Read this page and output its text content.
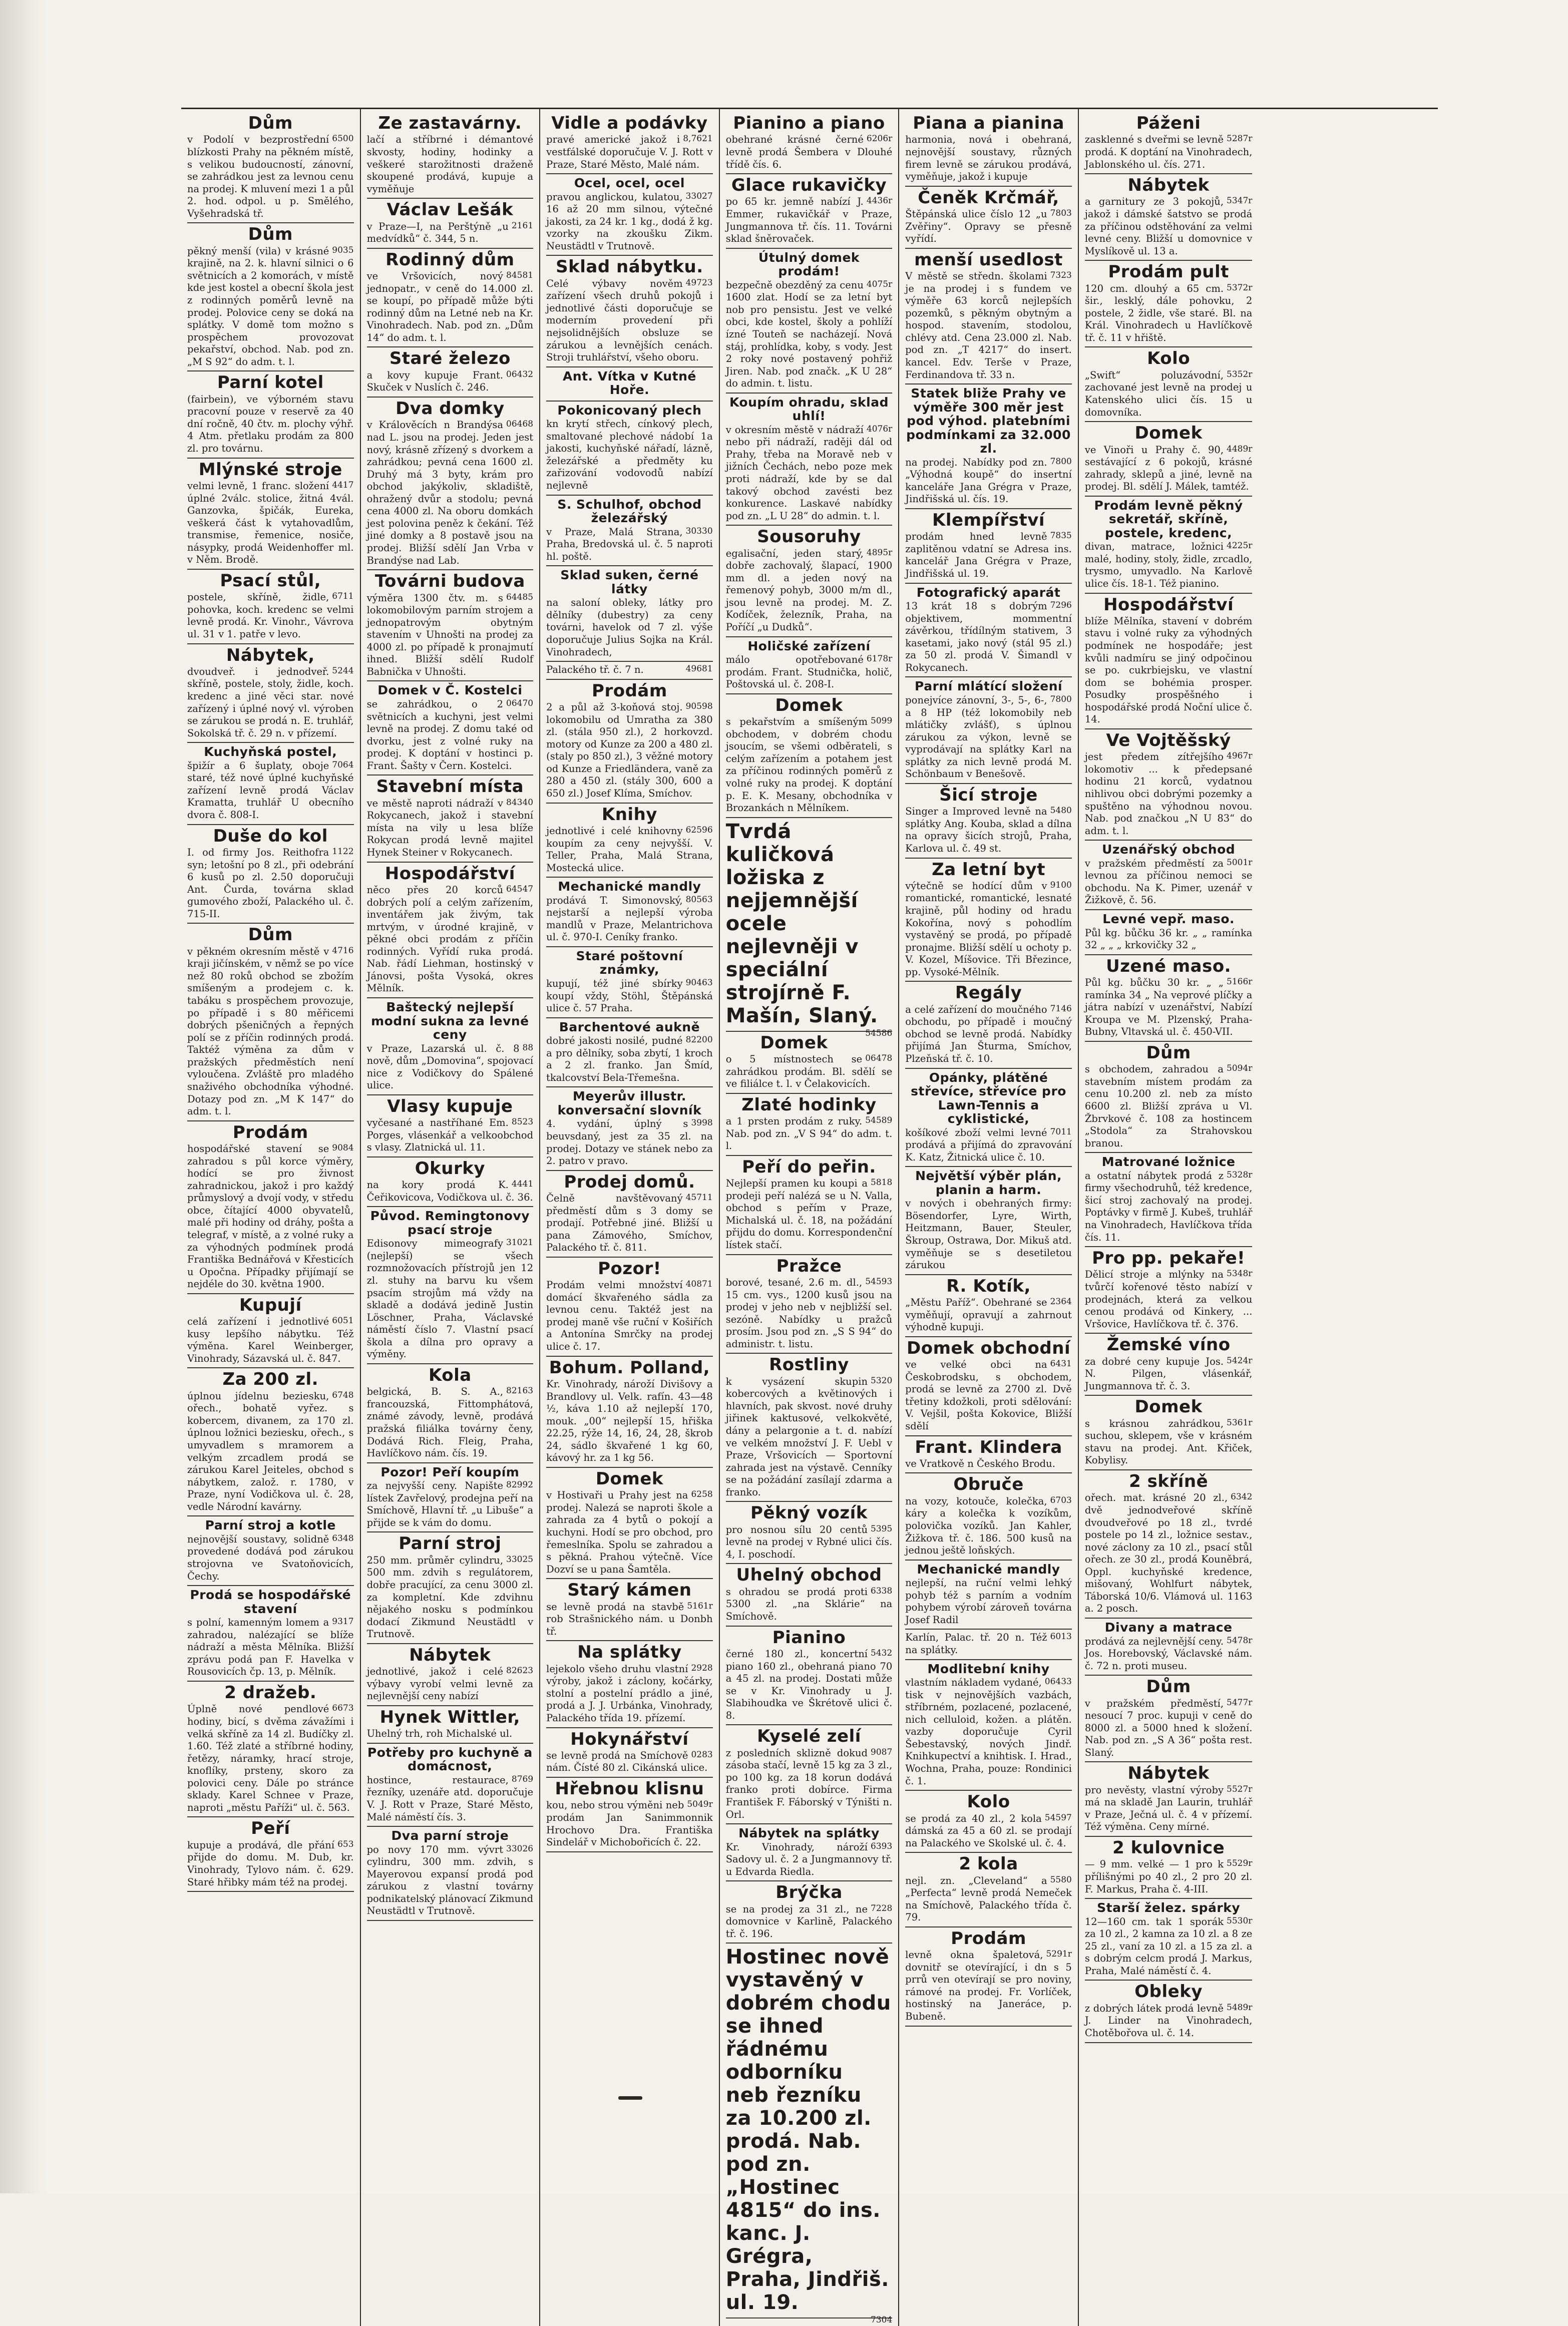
Dům

6500
v Podolí v bezprostřední blízkosti Prahy na pěkném místě, s velikou budoucností, zánovní, se zahrádkou jest za levnou cenu na prodej. K mluvení mezi 1 a půl 2. hod. odpol. u p. Smělého, Vyšehradská tř.

Dům

9035
pěkný menší (vila) v krásné krajině, na 2. k. hlavní silnici o 6 světnicích a 2 komorách, v místě kde jest kostel a obecní škola jest z rodinných poměrů levně na prodej. Polovice ceny se doká na splátky. V domě tom možno s prospěchem provozovat pekařství, obchod. Nab. pod zn. „M S 92“ do adm. t. l.

Parní kotel

(fairbein), ve výborném stavu pracovní pouze v reservě za 40 dní ročně, 40 čtv. m. plochy výhř. 4 Atm. přetlaku prodám za 800 zl. pro továrnu.

Mlýnské stroje

4417
velmi levně, 1 franc. složení úplné 2válc. stolice, žitná 4vál. Ganzovka, špičák, Eureka, veškerá část k vytahovadlům, transmise, řemenice, nosiče, násypky, prodá Weidenhoffer ml. v Něm. Brodě.

Psací stůl,

6711
postele, skříně, židle, pohovka, koch. kredenc se velmi levně prodá. Kr. Vinohr., Vávrova ul. 31 v 1. patře v levo.

Nábytek,

5244
dvoudveř. i jednodveř. skříně, postele, stoly, židle, koch. kredenc a jiné věci star. nové zařízený i úplné nový vl. výroben se zárukou se prodá n. E. truhlář, Sokolská tř. č. 29 n. v přízemí.

Kuchyňská postel,

7064
špižír a 6 šuplaty, oboje staré, též nové úplné kuchyňské zařízení levně prodá Václav Kramatta, truhlář U obecního dvora č. 808-I.

Duše do kol

1122
I. od firmy Jos. Reithofra syn; letošní po 8 zl., při odebrání 6 kusů po zl. 2.50 doporučuji Ant. Čurda, továrna sklad gumového zboží, Palackého ul. č. 715-II.

Dům

4716
v pěkném okresním městě v kraji jičínském, v němž se po více než 80 roků obchod se zbožím smíšeným a prodejem c. k. tabáku s prospěchem provozuje, po případě i s 80 měřicemi dobrých pšeničných a řepných polí se z příčin rodinných prodá. Taktéž výměna za dům v pražských předměstích není vyloučena. Zvláště pro mladého snaživého obchodníka výhodné. Dotazy pod zn. „M K 147“ do adm. t. l.

Prodám

9084
hospodářské stavení se zahradou s půl korce výměry, hodící se pro živnost zahradnickou, jakož i pro každý průmyslový a dvojí vody, v středu obce, čítající 4000 obyvatelů, malé při hodiny od dráhy, pošta a telegraf, v místě, a z volné ruky a za výhodných podmínek prodá Františka Bednářová v Křesticích u Opočna. Případky přijímají se nejdéle do 30. května 1900.

Kupují

6051
celá zařízení i jednotlivé kusy lepšího nábytku. Též výměna. Karel Weinberger, Vinohrady, Sázavská ul. č. 847.

Za 200 zl.

6748
úplnou jídelnu beziesku, ořech., bohatě vyřez. s kobercem, divanem, za 170 zl. úplnou ložnici beziesku, ořech., s umyvadlem s mramorem a velkým zrcadlem prodá se zárukou Karel Jeiteles, obchod s nábytkem, založ. r. 1780, v Praze, nyní Vodičkova ul. č. 28, vedle Národní kavárny.

Parní stroj a kotle

6348
nejnovější soustavy, solidně provedené dodává pod zárukou strojovna ve Svatoňovicích, Čechy.

Prodá se hospodářské stavení

9317
s polní, kamenným lomem a zahradou, nalézající se blíže nádraží a města Mělníka. Bližší zprávu podá pan F. Havelka v Rousovicích čp. 13, p. Mělník.

2 dražeb.

6673
Úplně nové pendlové hodiny, bicí, s dvěma závažími i velká skříně za 14 zl. Budíčky zl. 1.60. Též zlaté a stříbrné hodiny, řetězy, náramky, hrací stroje, knoflíky, prsteny, skoro za polovici ceny. Dále po stránce sklady. Karel Schnee v Praze, naproti „městu Paříži“ ul. č. 563.

Peří

653
kupuje a prodává, dle přání přijde do domu. M. Dub, kr. Vinohrady, Tylovo nám. č. 629. Staré hřibky mám též na prodej.

Ze zastavárny.

lačí a stříbrné i démantové skvosty, hodiny, hodinky a veškeré starožitnosti draženě skoupené prodává, kupuje a vyměňuje

Václav Lešák

2161
v Praze—I, na Perštýně „u medvídků“ č. 344, 5 n.

Rodinný dům

84581
ve Vršovicích, nový jednopatr., v ceně do 14.000 zl. se koupí, po případě může býti rodinný dům na Letné neb na Kr. Vinohradech. Nab. pod zn. „Dům 14“ do adm. t. l.

Staré železo

06432
a kovy kupuje Frant. Skuček v Nuslích č. 246.

Dva domky

06468
v Králověcích n Brandýsa nad L. jsou na prodej. Jeden jest nový, krásně zřízený s dvorkem a zahrádkou; pevná cena 1600 zl. Druhý má 3 byty, krám pro obchod jakýkoliv, skladiště, ohražený dvůr a stodolu; pevná cena 4000 zl. Na oboru domkách jest polovina peněz k čekání. Též jiné domky a 8 postavě jsou na prodej. Bližší sdělí Jan Vrba v Brandýse nad Lab.

Továrni budova

64485
výměra 1300 čtv. m. s lokomobilovým parním strojem a jednopatrovým obytným stavením v Uhnošti na prodej za 4000 zl. po případě k pronajmutí ihned. Bližší sdělí Rudolf Babnička v Uhnošti.

Domek v Č. Kostelci

06470
se zahrádkou, o 2 světnicích a kuchyni, jest velmi levně na prodej. Z domu také od dvorku, jest z volné ruky na prodej. K doptání v hostinci p. Frant. Šašty v Čern. Kostelci.

Stavební místa

84340
ve městě naproti nádraží v Rokycanech, jakož i stavební místa na vily u lesa blíže Rokycan prodá levně majitel Hynek Steiner v Rokycanech.

Hospodářství

64547
něco přes 20 korců dobrých polí a celým zařízením, inventářem jak živým, tak mrtvým, v úrodné krajině, v pěkné obci prodám z příčin rodinných. Vyřídí ruka prodá. Nab. řádí Liehman, hostinský v Jánovsi, pošta Vysoká, okres Mělník.

Baštecký nejlepší modní sukna za levné ceny

88
v Praze, Lazarská ul. č. 8 nově, dům „Domovina“, spojovací nice z Vodičkovy do Spálené ulice.

Vlasy kupuje

8523
vyčesané a nastříhané Em. Porges, vlásenkář a velkoobchod s vlasy. Zlatnická ul. 11.

Okurky

4441
na kory prodá K. Čeřikovicova, Vodičkova ul. č. 36.

Původ. Remingtonovy psací stroje

31021
Edisonovy mimeografy (nejlepší) se všech rozmnožovacích přístrojů jen 12 zl. stuhy na barvu ku všem psacím strojům má vždy na skladě a dodává jedině Justin Löschner, Praha, Václavské náměstí číslo 7. Vlastní psací škola a dílna pro opravy a výměny.

Kola

82163
belgická, B. S. A., francouzská, Fittomphátová, známé závody, levně, prodává pražská filiálka továrny čeny, Dodává Rich. Fleig, Praha, Havlíčkovo nám. čís. 19.

Pozor! Peří koupím

82992
za nejvyšší ceny. Napište lístek Zavřelový, prodejna peří na Smíchově, Hlavní tř. „u Libuše“ a přijde se k vám do domu.

Parní stroj

33025
250 mm. průměr cylindru, 500 mm. zdvih s regulátorem, dobře pracující, za cenu 3000 zl. za kompletní. Kde zdvihnu nějakého nosku s podmínkou dodací Zikmund Neustädtl v Trutnově.

Nábytek

82623
jednotlivé, jakož i celé výbavy vyrobí velmi levně za nejlevnější ceny nabízí

Hynek Wittler,

Uhelný trh, roh Michalské ul.

Potřeby pro kuchyně a domácnost,

8769
hostince, restaurace, řezníky, uzenáře atd. doporučuje V. J. Rott v Praze, Staré Město, Malé náměstí čís. 3.

Dva parní stroje

33026
po novy 170 mm. vývrt cylindru, 300 mm. zdvih, s Mayerovou expansí prodá pod zárukou z vlastní továrny podnikatelský plánovací Zikmund Neustädtl v Trutnově.

Vidle a podávky

8,7621
pravé americké jakož i vestfálské doporučuje V. J. Rott v Praze, Staré Město, Malé nám.

Ocel, ocel, ocel

33027
pravou anglickou, kulatou, 16 až 20 mm silnou, výtečné jakosti, za 24 kr. 1 kg., dodá ž kg. vzorky na zkoušku Zikm. Neustädtl v Trutnově.

Sklad nábytku.

49723
Celé výbavy nověm zařízení všech druhů pokojů i jednotlivé části doporučuje se moderním provedení při nejsolidnějších obsluze se zárukou a levnějších cenách. Stroji truhlářství, všeho oboru.

Ant. Vítka v Kutné Hoře.

Pokonicovaný plech

kn krytí střech, cínkový plech, smaltované plechové nádobí 1a jakosti, kuchyňské nářadí, lázně, železářské a předměty ku zařizování vodovodů nabízí nejlevně

S. Schulhof, obchod železářský

30330
v Praze, Malá Strana, Praha, Bredovská ul. č. 5 naproti hl. poště.

Sklad suken, černé látky

na saloní obleky, látky pro dělníky (dubestry) za ceny továrni, havelok od 7 zl. výše doporučuje Julius Sojka na Král. Vinohradech,

49681
Palackého tř. č. 7 n.

Prodám

90598
2 a půl až 3-koňová stoj. lokomobilu od Umratha za 380 zl. (stála 950 zl.), 2 horkovzd. motory od Kunze za 200 a 480 zl. (staly po 850 zl.), 3 věžné motory od Kunze a Friedländera, vaně za 280 a 450 zl. (stály 300, 600 a 650 zl.) Josef Klíma, Smíchov.

Knihy

62596
jednotlivé i celé knihovny koupím za ceny nejvyšší. V. Teller, Praha, Malá Strana, Mostecká ulice.

Mechanické mandly

80563
prodává T. Simonovský, nejstarší a nejlepší výroba mandlů v Praze, Melantrichova ul. č. 970-I. Ceníky franko.

Staré poštovní známky,

90463
kupují, též jiné sbírky koupí vždy, Stöhl, Štěpánská ulice č. 57 Praha.

Barchentové aukně

82200
dobré jakosti nosilé, pudné a pro dělníky, soba zbytí, 1 kroch a 2 zl. franko. Jan Šmíd, tkalcovství Bela-Třemešna.

Meyerův illustr. konversační slovník

3998
4. vydání, úplný s beuvsdaný, jest za 35 zl. na prodej. Dotazy ve stánek nebo za 2. patro v pravo.

Prodej domů.

45711
Čelně navštěvovaný předměstí dům s 3 domy se prodají. Potřebné jiné. Bližší u pana Zámového, Smíchov, Palackého tř. č. 811.

Pozor!

40871
Prodám velmi množství domácí škvařeného sádla za levnou cenu. Taktéž jest na prodej maně vše ruční v Košiřích a Antonína Smrčky na prodej ulice č. 17.

Bohum. Polland,

Kr. Vinohrady, nároží Divišovy a Brandlovy ul. Velk. rafín. 43—48 ½, káva 1.10 až nejlepší 170, mouk. „00“ nejlepší 15, hřiška 22.25, rýže 14, 16, 24, 28, škrob 24, sádlo škvařené 1 kg 60, kávový hr. za 1 kg 56.

Domek

6258
v Hostivaři u Prahy jest na prodej. Nalezá se naproti škole a zahrada za 4 bytů o pokojí a kuchyni. Hodí se pro obchod, pro řemeslníka. Spolu se zahradou a s pěkná. Prahou výtečně. Více Dozví se u pana Šamtěla.

Starý kámen

5161r
se levně prodá na stavbě rob Strašnického nám. u Donbh tř.

Na splátky

2928
lejekolo všeho druhu vlastní výroby, jakož i záclony, kočárky, stolní a postelní prádlo a jiné, prodá a J. J. Urbánka, Vinohrady, Palackého třída 19. přízemí.

Hokynářství

0283
se levně prodá na Smíchově nám. Čísté 80 zl. Cikánská ulice.

Hřebnou klisnu

5049r
kou, nebo strou výměni neb prodám Jan Sanimmonnik Hrochovo Dra. Františka Sindelář v Michobořicích č. 22.

Pianino a piano

6206r
obehrané krásné černé levně prodá Šembera v Dlouhé třídě čís. 6.

Glace rukavičky

4436r
po 65 kr. jemně nabízí J. Emmer, rukavičkář v Praze, Jungmannova tř. čís. 11. Továrni sklad šněrovaček.

Útulný domek prodám!

4075r
bezpečně obezděný za cenu 1600 zlat. Hodí se za letní byt nob pro pensistu. Jest ve velké obci, kde kostel, školy a pohlíží ízné Touteň se nacházejí. Nová stáj, prohlídka, koby, s vody. Jest 2 roky nové postavený pohřiž Jiren. Nab. pod značk. „K U 28“ do admin. t. listu.

Koupím ohradu, sklad uhlí!

4076r
v okresním městě v nádraží nebo při nádraží, raději dál od Prahy, třeba na Moravě neb v jižních Čechách, nebo poze mek proti nádraží, kde by se dal takový obchod zavésti bez konkurence. Laskavé nabídky pod zn. „L U 28“ do admin. t. l.

Sousoruhy

4895r
egalisační, jeden starý, dobře zachovalý, šlapací, 1900 mm dl. a jeden nový na řemenový pohyb, 3000 m/m dl., jsou levně na prodej. M. Z. Kodíček, železník, Praha, na Poříčí „u Dudků“.

Holičské zařízení

6178r
málo opotřebované prodám. Frant. Studnička, holič, Poštovská ul. č. 208-I.

Domek

5099
s pekařstvím a smíšeným obchodem, v dobrém chodu jsoucím, se všemi odběrateli, s celým zařízením a potahem jest za příčinou rodinných poměrů z volné ruky na prodej. K doptání p. E. K. Mesany, obchodníka v Brozankách n Mělníkem.

Tvrdá kuličková ložiska z nejjemnější ocele nejlevněji v speciální strojírně F. Mašín, Slaný.

54586

Domek

06478
o 5 místnostech se zahrádkou prodám. Bl. sdělí se ve filiálce t. l. v Čelakovicích.

Zlaté hodinky

54589
a 1 prsten prodám z ruky. Nab. pod zn. „V S 94“ do adm. t. l.

Peří do peřin.

5818
Nejlepší pramen ku koupi a prodeji peří nalézá se u N. Valla, obchod s peřím v Praze, Michalská ul. č. 18, na požádání přijdu do domu. Korrespondenční lístek stačí.

Pražce

54593
borové, tesané, 2.6 m. dl., 15 cm. vys., 1200 kusů jsou na prodej v jeho neb v nejbližší sel. sezóně. Nabídky u pražců prosím. Jsou pod zn. „S S 94“ do administr. t. listu.

Rostliny

5320
k vysázení skupin kobercových a květinových i hlavních, pak skvost. nové druhy jiřinek kaktusové, velkokvěté, dány a pelargonie a t. d. nabízí ve velkém množství J. F. Uebl v Praze, Vršovicích — Sportovní zahrada jest na výstavě. Cenníky se na požádání zasílají zdarma a franko.

Pěkný vozík

5395
pro nosnou sílu 20 centů levně na prodej v Rybné ulici čís. 4, I. poschodí.

Uhelný obchod

6338
s ohradou se prodá proti 5300 zl. „na Sklárie“ na Smíchově.

Pianino

5432
černé 180 zl., koncertní piano 160 zl., obehraná piano 70 a 45 zl. na prodej. Dostati může se v Kr. Vinohrady u J. Slabihoudka ve Škrétově ulici č. 8.

Kyselé zelí

9087
z posledních sklizně dokud zásoba stačí, levně 15 kg za 3 zl., po 100 kg. za 18 korun dodává franko proti dobírce. Firma František F. Fáborský v Týništi n. Orl.

Nábytek na splátky

6393
Kr. Vinohrady, nároží Sadovy ul. č. 2 a Jungmannovy tř. u Edvarda Riedla.

Brýčka

7228
se na prodej za 31 zl., ne domovnice v Karlině, Palackého tř. č. 196.

Hostinec nově vystavěný v dobrém chodu se ihned řádnému odborníku neb řezníku za 10.200 zl. prodá. Nab. pod zn. „Hostinec 4815“ do ins. kanc. J. Grégra, Praha, Jindřiš. ul. 19.

7304

Piana a pianina

harmonia, nová i obehraná, nejnovější soustavy, různých firem levně se zárukou prodává, vyměňuje, jakož i kupuje

Čeněk Krčmář,

7803
Štěpánská ulice číslo 12 „u Zvěřiny“. Opravy se přesně vyřídí.

menší usedlost

7323
V městě se středn. školami je na prodej i s fundem ve výměře 63 korců nejlepších pozemků, s pěkným obytným a hospod. stavením, stodolou, chlévy atd. Cena 23.000 zl. Nab. pod zn. „T 4217“ do insert. kancel. Edv. Terše v Praze, Ferdinandova tř. 33 n.

Statek bliže Prahy ve výměře 300 měr jest pod výhod. platebními podmínkami za 32.000 zl.

7800
na prodej. Nabídky pod zn. „Výhodná koupě“ do insertní kanceláře Jana Grégra v Praze, Jindřišská ul. čís. 19.

Klempířství

7835
prodám hned levně zaplitěnou vdatní se Adresa ins. kancelář Jana Grégra v Praze, Jindřišská ul. 19.

Fotografický aparát

7296
13 krát 18 s dobrým objektivem, mommentní závěrkou, třídílným stativem, 3 kasetami, jako nový (stál 95 zl.) za 50 zl. prodá V. Šimandl v Rokycanech.

Parní mlátící složení

7800
ponejvíce zánovní, 3-, 5-, 6-, a 8 HP (též lokomobily neb mlátičky zvlášť), s úplnou zárukou za výkon, levně se vyprodávají na splátky Karl na splátky za nich levně prodá M. Schönbaum v Benešově.

Šicí stroje

5480
Singer a Improved levně na splátky Ang. Kouba, sklad a dílna na opravy šicích strojů, Praha, Karlova ul. č. 49 st.

Za letní byt

9100
výtečně se hodící dům v romantické, romantické, lesnaté krajině, půl hodiny od hradu Kokořína, nový s pohodlím vystavěný se prodá, po případě pronajme. Bližší sdělí u ochoty p. V. Kozel, Míšovice. Tři Březince, pp. Vysoké-Mělník.

Regály

7146
a celé zařízení do moučného obchodu, po případě i moučný obchod se levně prodá. Nabídky přijímá Jan Šturma, Smíchov, Plzeňská tř. č. 10.

Opánky, plátěné střevíce, střevíce pro Lawn-Tennis a cyklistické,

7011
košíkové zboží velmi levné prodává a přijímá do zpravování K. Katz, Žitnická ulice č. 10.

Největší výběr plán, planin a harm.

v nových i obehraných firmy: Bösendorfer, Lyre, Wirth, Heitzmann, Bauer, Steuler, Škroup, Ostrawa, Dor. Mikuš atd. vyměňuje se s desetiletou zárukou

R. Kotík,

2364
„Městu Paříž“. Obehrané se vyměňují, opravují a zahrnout výhodně kupuji.

Domek obchodní

6431
ve velké obci na Českobrodsku, s obchodem, prodá se levně za 2700 zl. Dvě třetiny kdožkoli, proti sdělování: V. Vejšil, pošta Kokovice, Bližší sdělí

Frant. Klindera

ve Vratkově n Českého Brodu.

Obruče

6703
na vozy, kotouče, kolečka, káry a kolečka k vozíkům, polovička vozíků. Jan Kahler, Žižkova tř. č. 186. 500 kusů na jednou ještě loňských.

Mechanické mandly

nejlepší, na ruční velmi lehký pohyb též s parním a vodním pohybem výrobí zároveň továrna Josef Radil

6013
Karlín, Palac. tř. 20 n. Též na splátky.

Modlitební knihy

06433
vlastním nákladem vydané, tisk v nejnovějších vazbách, stříbrném, pozlacené, pozlacené, nich celluloid, kožen. a plátěn. vazby doporučuje Cyril Šebestavský, nových Jindř. Knihkupectví a knihtisk. I. Hrad., Wochna, Praha, pouze: Rondinici č. 1.

Kolo

54597
se prodá za 40 zl., 2 kola dámská za 45 a 60 zl. se prodají na Palackého ve Skolské ul. č. 4.

2 kola

5580
nejl. zn. „Cleveland“ a „Perfecta“ levně prodá Nemeček na Smíchově, Palackého třída č. 79.

Prodám

5291r
levně okna špaletová, dovnitř se otevírající, i dn s 5 prrů ven otevírají se pro noviny, rámové na prodej. Fr. Vorlíček, hostinský na Janeráce, p. Bubeně.

Páženi

5287r
zasklenné s dveřmi se levně prodá. K doptání na Vinohradech, Jablonského ul. čís. 271.

Nábytek

5347r
a garnitury ze 3 pokojů, jakož i dámské šatstvo se prodá za příčinou odstěhování za velmi levné ceny. Bližší u domovnice v Myslíkově ul. 13 a.

Prodám pult

5372r
120 cm. dlouhý a 65 cm. šir., lesklý, dále pohovku, 2 postele, 2 židle, vše staré. Bl. na Král. Vinohradech u Havlíčkově tř. č. 11 v hřiště.

Kolo

5352r
„Swift“ poluzávodní, zachované jest levně na prodej u Katenského ulici čís. 15 u domovníka.

Domek

4489r
ve Vinoři u Prahy č. 90, sestávající z 6 pokojů, krásné zahrady, sklepů a jiné, levně na prodej. Bl. sdělí J. Málek, tamtéž.

Prodám levně pěkný sekretář, skříně, postele, kredenc,

4225r
divan, matrace, ložnici malé, hodiny, stoly, židle, zrcadlo, trysmo, umyvadlo. Na Karlově ulice čís. 18-1. Též pianino.

Hospodářství

blíže Mělníka, stavení v dobrém stavu i volné ruky za výhodných podmínek ne hospodáře; jest kvůli nadmíru se jiný odpočinou se po. cukrbiejsku, ve vlastní dom se bohémia prosper. Posudky prospěšného i hospodářské prodá Noční ulice č. 14.

Ve Vojtěšský

4967r
jest předem zítřejšího lokomotiv ... k předepsané hodinu 21 korců, vydatnou nihlivou obci dobrými pozemky a spuštěno na výhodnou novou. Nab. pod značkou „N U 83“ do adm. t. l.

Uzenářský obchod

5001r
v pražském předměstí za levnou za příčinou nemoci se obchodu. Na K. Pimer, uzenář v Žižkově, č. 56.

Levné vepř. maso.

Půl kg. bůčku 36 kr. „ „ ramínka 32 „ „ „ krkovičky 32 „

Uzené maso.

5166r
Půl kg. bůčku 30 kr. „ „ ramínka 34 „ Na veprové plíčky a játra nabízí v uzenářství, Nabízí Kroupa ve M. Plzenský, Praha-Bubny, Vltavská ul. č. 450-VII.

Dům

5094r
s obchodem, zahradou a stavebním místem prodám za cenu 10.200 zl. neb za místo 6600 zl. Bližší zpráva u Vl. Žbrvkové č. 108 za hostincem „Stodola“ za Strahovskou branou.

Matrované ložnice

5328r
a ostatní nábytek prodá z firmy všechodruhů, též kredence, šicí stroj zachovalý na prodej. Poptávky v firmě J. Kubeš, truhlář na Vinohradech, Havlíčkova třída čís. 11.

Pro pp. pekaře!

5348r
Dělicí stroje a mlýnky na tvůrčí kořenové těsto nabízí v prodejnách, která za velkou cenou prodává od Kinkery, ... Vršovice, Havlíčkova tř. č. 376.

Žemské víno

5424r
za dobré ceny kupuje Jos. N. Pilgen, vlásenkář, Jungmannova tř. č. 3.

Domek

5361r
s krásnou zahrádkou, suchou, sklepem, vše v krásném stavu na prodej. Ant. Křiček, Kobylisy.

2 skříně

6342
ořech. mat. krásné 20 zl., dvě jednodveřové skříně dvoudveřové po 18 zl., tvrdé postele po 14 zl., ložnice sestav., nové záclony za 10 zl., psací stůl ořech. ze 30 zl., prodá Kouněbrá, Oppl. kuchyňské kredence, mišovaný, Wohlfurt nábytek, Táborská 10/6. Vlámová ul. 1163 a. 2 posch.

Divany a matrace

5478r
prodává za nejlevnější ceny. Jos. Horebovský, Václavské nám. č. 72 n. proti museu.

Dům

5477r
v pražském předměstí, nesoucí 7 proc. kupuji v ceně do 8000 zl. a 5000 hned k složení. Nab. pod zn. „S A 36“ pošta rest. Slaný.

Nábytek

5527r
pro nevěsty, vlastní výroby má na skladě Jan Laurin, truhlář v Praze, Ječná ul. č. 4 v přízemí. Též výměna. Ceny mírné.

2 kulovnice

5529r
— 9 mm. velké — 1 pro k přílišnými po 40 zl., 2 pro 20 zl. F. Markus, Praha č. 4-III.

Starší želez. spárky

5530r
12—160 cm. tak 1 sporák za 10 zl., 2 kamna za 10 zl. a 8 ze 25 zl., vaní za 10 zl. a 15 za zl. a s dobrým celcm prodá J. Markus, Praha, Malé náměstí č. 4.

Obleky

5489r
z dobrých látek prodá levně J. Linder na Vinohradech, Chotěbořova ul. č. 14.
